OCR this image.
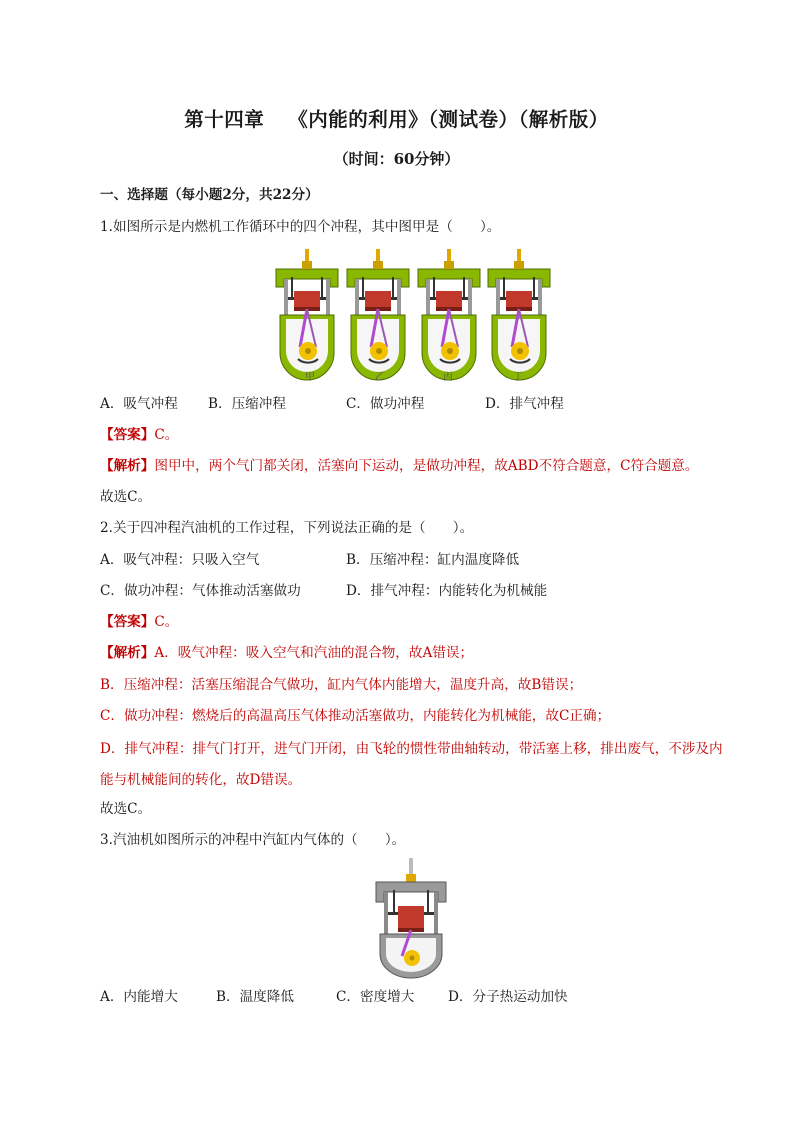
第十四章 《内能的利用》（测试卷）（解析版）
（时间：60分钟）
一、选择题（每小题2分，共22分）
1.如图所示是内燃机工作循环中的四个冲程，其中图甲是（　　）。
甲	乙	丙	丁
A．吸气冲程 B．压缩冲程	C．做功冲程	D．排气冲程
【答案】C。
【解析】图甲中，两个气门都关闭，活塞向下运动，是做功冲程，故ABD不符合题意，C符合题意。
故选C。
2.关于四冲程汽油机的工作过程，下列说法正确的是（　　）。
A．吸气冲程：只吸入空气	B．压缩冲程：缸内温度降低
C．做功冲程：气体推动活塞做功	D．排气冲程：内能转化为机械能
【答案】C。
【解析】A．吸气冲程：吸入空气和汽油的混合物，故A错误；
B．压缩冲程：活塞压缩混合气做功，缸内气体内能增大，温度升高，故B错误；
C．做功冲程：燃烧后的高温高压气体推动活塞做功，内能转化为机械能，故C正确；
D．排气冲程：排气门打开，进气门开闭，由飞轮的惯性带曲轴转动，带活塞上移，排出废气，不涉及内能与机械能间的转化，故D错误。
故选C。
3.汽油机如图所示的冲程中汽缸内气体的（　　）。
A．内能增大	B．温度降低	C．密度增大 D．分子热运动加快
